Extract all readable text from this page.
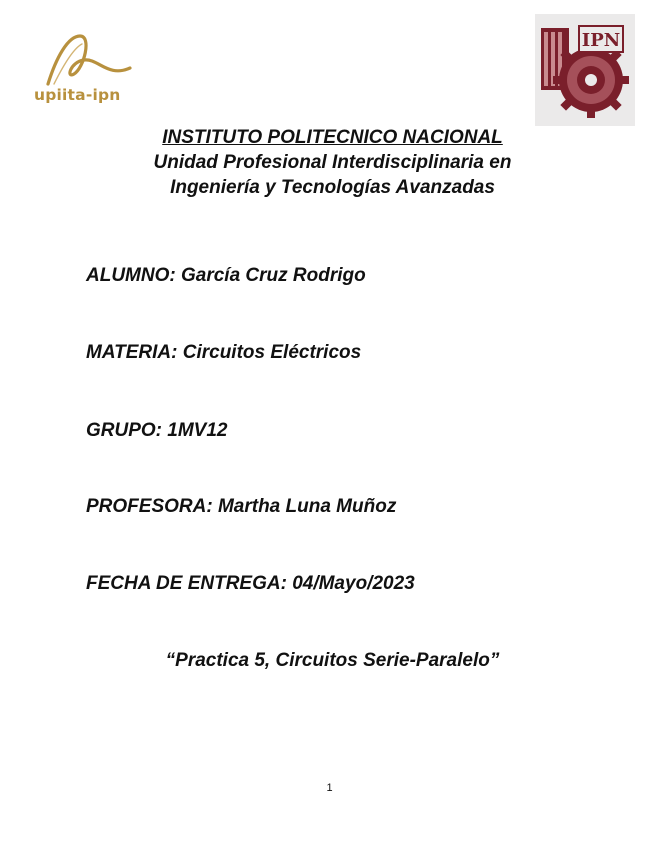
upiita-ipn
IPN
INSTITUTO POLITECNICO NACIONAL
Unidad Profesional Interdisciplinaria en
Ingeniería y Tecnologías Avanzadas
ALUMNO: García Cruz Rodrigo
MATERIA: Circuitos Eléctricos
GRUPO: 1MV12
PROFESORA: Martha Luna Muñoz
FECHA DE ENTREGA: 04/Mayo/2023
“Practica 5, Circuitos Serie-Paralelo”
1
